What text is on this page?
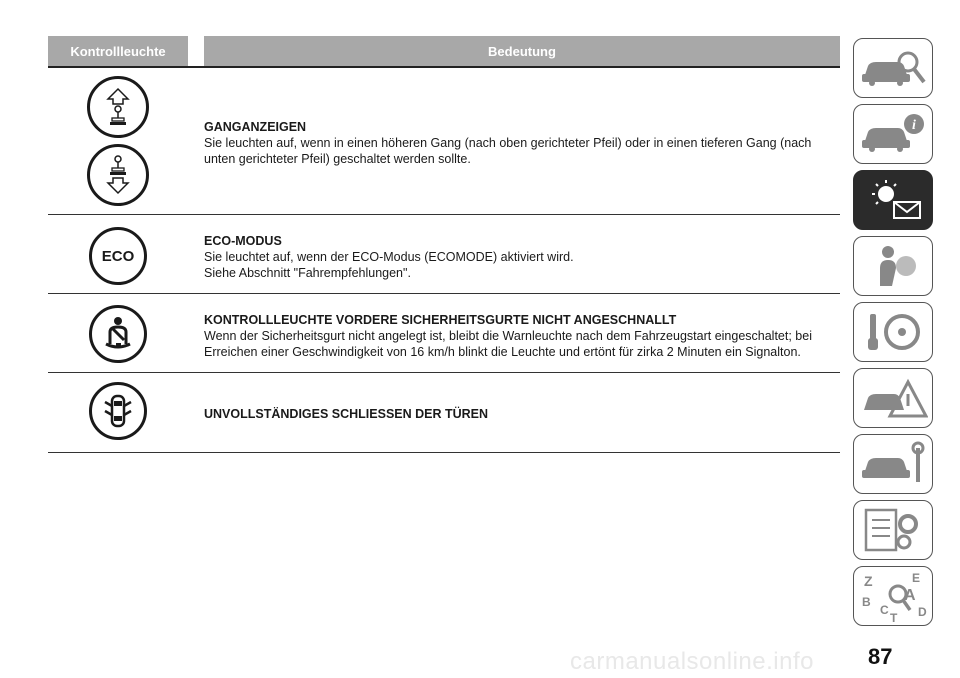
Kontrollleuchte	Bedeutung
GANGANZEIGEN
Sie leuchten auf, wenn in einen höheren Gang (nach oben gerichteter Pfeil) oder in einen tieferen Gang (nach unten gerichteter Pfeil) geschaltet werden sollte.
ECO
ECO-MODUS
Sie leuchtet auf, wenn der ECO-Modus (ECOMODE) aktiviert wird.
Siehe Abschnitt "Fahrempfehlungen".
KONTROLLLEUCHTE VORDERE SICHERHEITSGURTE NICHT ANGESCHNALLT
Wenn der Sicherheitsgurt nicht angelegt ist, bleibt die Warnleuchte nach dem Fahrzeugstart eingeschaltet; bei Erreichen einer Geschwindigkeit von 16 km/h blinkt die Leuchte und ertönt für zirka 2 Minuten ein Signalton.
UNVOLLSTÄNDIGES SCHLIESSEN DER TÜREN
i
Z	E
A
B
C D
T
carmanualsonline.info 87
